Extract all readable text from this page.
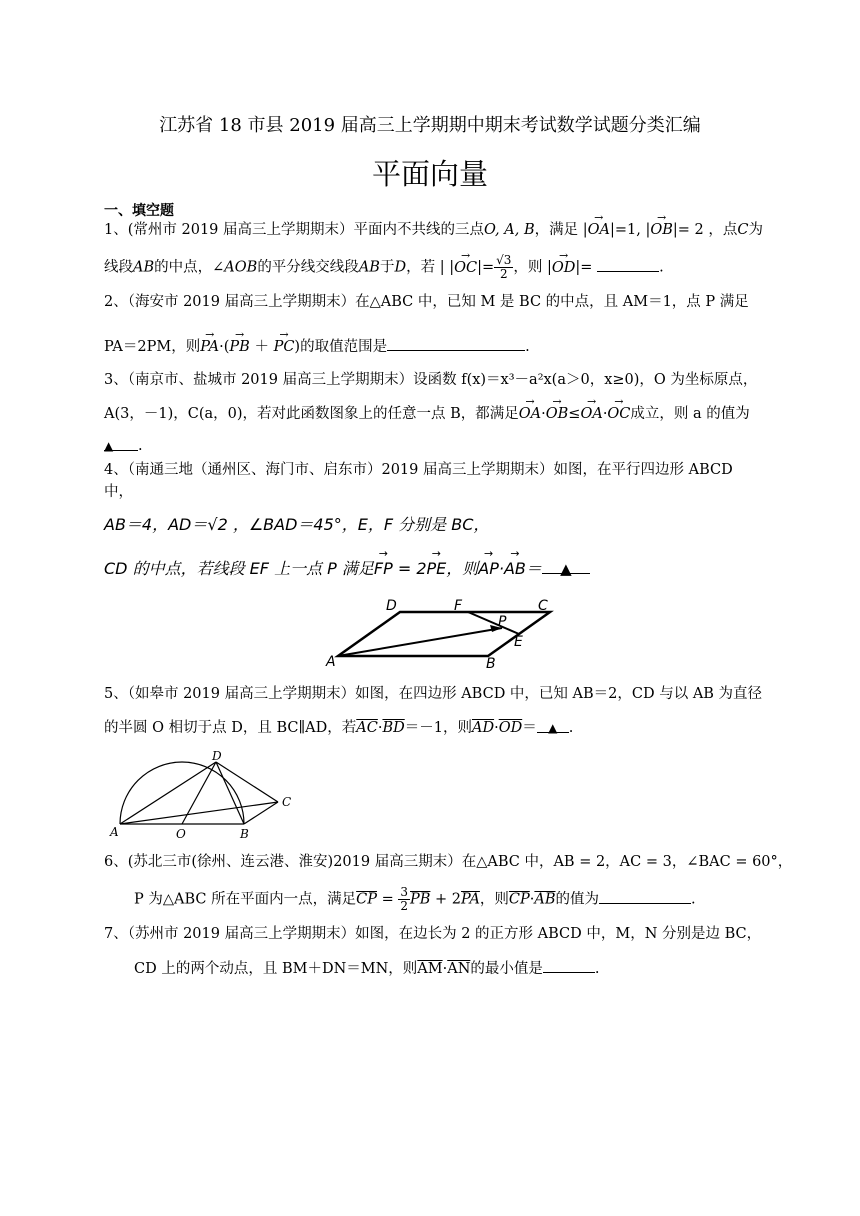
江苏省 18 市县 2019 届高三上学期期中期末考试数学试题分类汇编
平面向量
一、填空题
1、(常州市 2019 届高三上学期期末）平面内不共线的三点O, A, B，满足 |→ OA|=1, |→ OB|= 2 ，点C为
线段AB的中点，∠AOB的平分线交线段AB于D，若 | |→ $OC|= \frac{√3}{2}$ ，则 |→ OD|=	.
2、（海安市 2019 届高三上学期期末）在△ABC 中，已知 M 是 BC 的中点，且 AM＝1，点 P 满足
PA＝2PM，则→ PA·(→ PB ＋ → PC)的取值范围是	.
3、（南京市、盐城市 2019 届高三上学期期末）设函数 f(x)＝x³－a²x(a＞0，x≥0)，O 为坐标原点，
A(3，－1)，C(a，0)，若对此函数图象上的任意一点 B，都满足→ OA·→ OB≤→ OA·→ OC成立，则 a 的值为
▲ .
4、（南通三地（通州区、海门市、启东市）2019 届高三上学期期末）如图，在平行四边形 ABCD
中，
AB＝4，AD＝√2 ，∠BAD＝45°，E，F 分别是 BC，
CD 的中点，若线段 EF 上一点 P 满足→ FP = 2→ PE，则→ AP·→ AB＝ ▲
A	B
C
D
E
F
P
5、（如皋市 2019 届高三上学期期末）如图，在四边形 ABCD 中，已知 AB＝2，CD 与以 AB 为直径
的半圆 O 相切于点 D，且 BC∥AD，若$\overline{AC}\cdot\overline{BD}=-1$，则$\overline{AD}\cdot\overline{OD}=$ ▲ .
A	O	B
C
D
6、(苏北三市(徐州、连云港、淮安)2019 届高三期末）在△ABC 中，AB = 2，AC = 3，∠BAC = 60°，
P 为△ABC 所在平面内一点，满足$\overline{CP} = \frac{3}{2} \overline{PB} + 2\overline{PA}$，则$\overline{CP}\cdot\overline{AB}$的值为	.
7、（苏州市 2019 届高三上学期期末）如图，在边长为 2 的正方形 ABCD 中，M，N 分别是边 BC，
CD 上的两个动点，且 BM＋DN＝MN，则$\overline{AM}\cdot\overline{AN}$的最小值是	.
